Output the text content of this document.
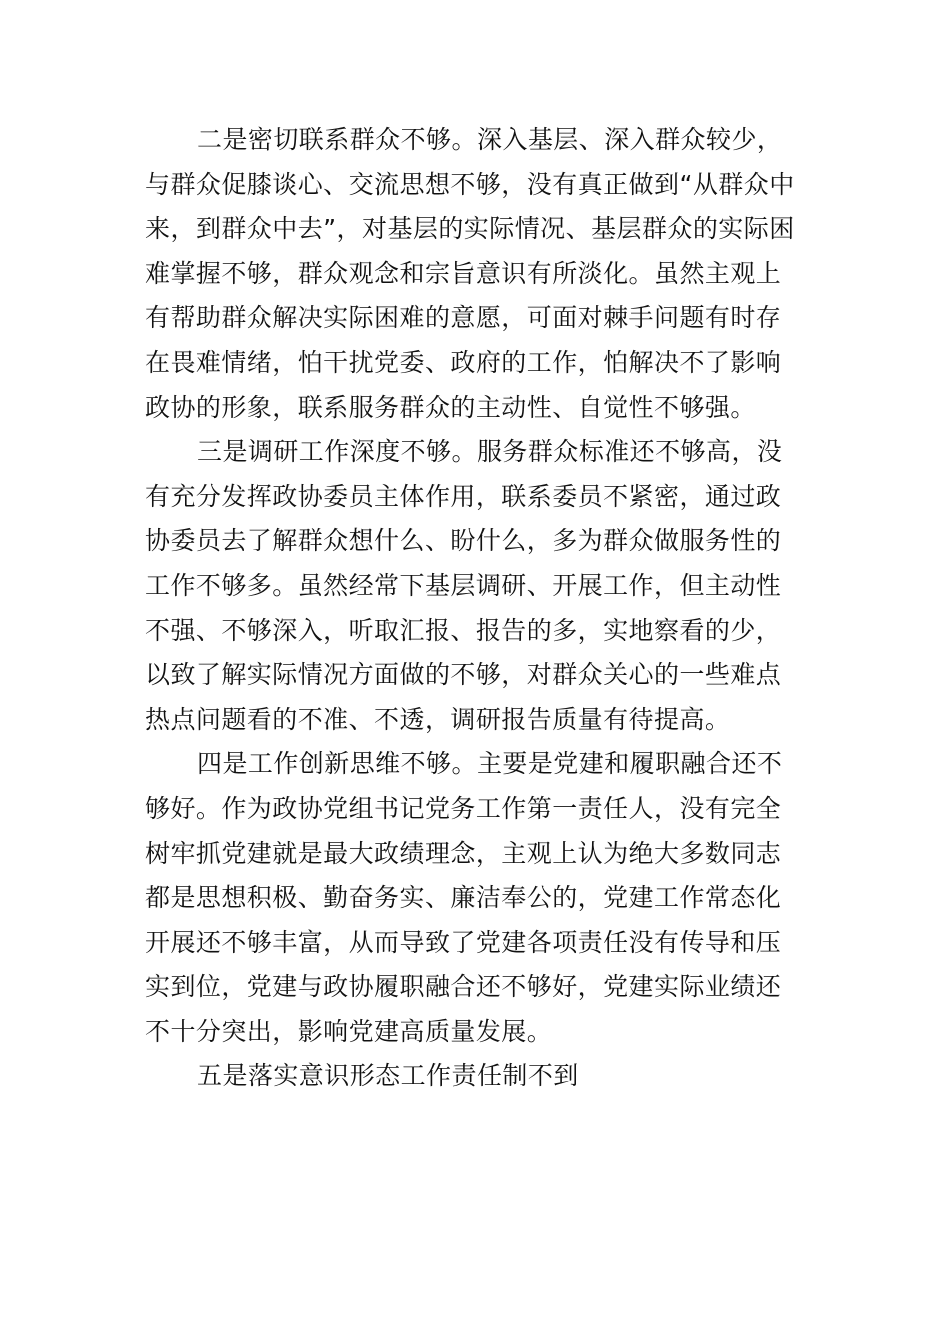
二是密切联系群众不够。深入基层、深入群众较少，
与群众促膝谈心、交流思想不够，没有真正做到“从群众中
来，到群众中去”，对基层的实际情况、基层群众的实际困
难掌握不够，群众观念和宗旨意识有所淡化。虽然主观上
有帮助群众解决实际困难的意愿，可面对棘手问题有时存
在畏难情绪，怕干扰党委、政府的工作，怕解决不了影响
政协的形象，联系服务群众的主动性、自觉性不够强。
三是调研工作深度不够。服务群众标准还不够高，没
有充分发挥政协委员主体作用，联系委员不紧密，通过政
协委员去了解群众想什么、盼什么，多为群众做服务性的
工作不够多。虽然经常下基层调研、开展工作，但主动性
不强、不够深入，听取汇报、报告的多，实地察看的少，
以致了解实际情况方面做的不够，对群众关心的一些难点
热点问题看的不准、不透，调研报告质量有待提高。
四是工作创新思维不够。主要是党建和履职融合还不
够好。作为政协党组书记党务工作第一责任人，没有完全
树牢抓党建就是最大政绩理念，主观上认为绝大多数同志
都是思想积极、勤奋务实、廉洁奉公的，党建工作常态化
开展还不够丰富，从而导致了党建各项责任没有传导和压
实到位，党建与政协履职融合还不够好，党建实际业绩还
不十分突出，影响党建高质量发展。
五是落实意识形态工作责任制不到
